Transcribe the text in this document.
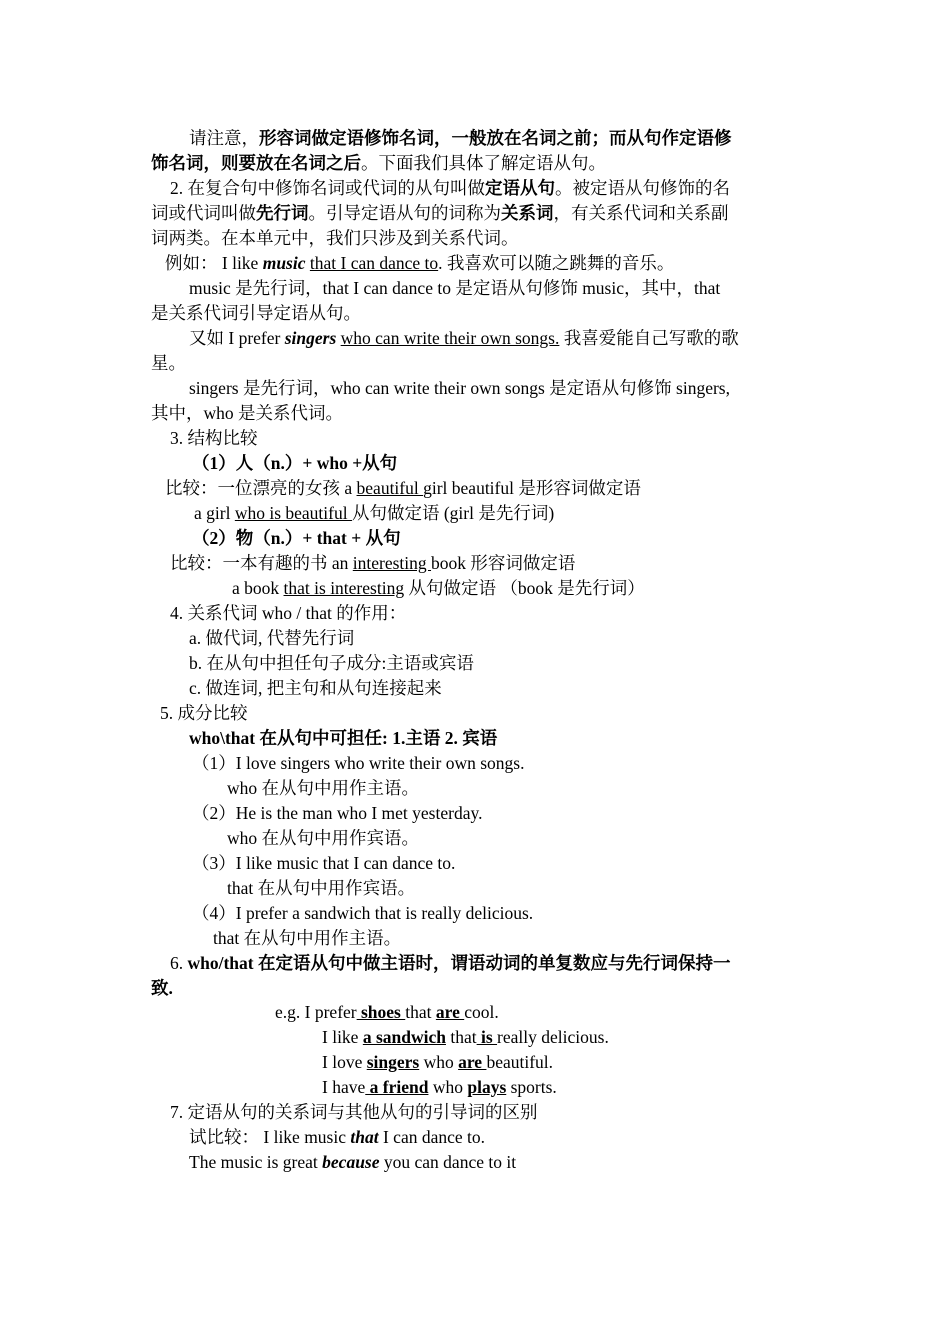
请注意，形容词做定语修饰名词，一般放在名词之前；而从句作定语修
饰名词，则要放在名词之后。下面我们具体了解定语从句。
2. 在复合句中修饰名词或代词的从句叫做定语从句。被定语从句修饰的名
词或代词叫做先行词。引导定语从句的词称为关系词，有关系代词和关系副
词两类。在本单元中，我们只涉及到关系代词。
例如： I like music that I can dance to. 我喜欢可以随之跳舞的音乐。
music 是先行词，that I can dance to 是定语从句修饰 music，其中，that
是关系代词引导定语从句。
又如 I prefer singers who can write their own songs. 我喜爱能自己写歌的歌
星。
singers 是先行词，who can write their own songs 是定语从句修饰 singers,
其中，who 是关系代词。
3. 结构比较
（1）人（n.）+ who +从句
比较：一位漂亮的女孩 a beautiful girl beautiful 是形容词做定语
a girl who is beautiful 从句做定语 (girl 是先行词)
（2）物（n.）+ that + 从句
比较：一本有趣的书 an interesting book 形容词做定语
a book that is interesting 从句做定语 （book 是先行词）
4. 关系代词 who / that 的作用：
a. 做代词, 代替先行词
b. 在从句中担任句子成分:主语或宾语
c. 做连词, 把主句和从句连接起来
5. 成分比较
who\that 在从句中可担任: 1.主语 2. 宾语
（1）I love singers who write their own songs.
who 在从句中用作主语。
（2）He is the man who I met yesterday.
who 在从句中用作宾语。
（3）I like music that I can dance to.
that 在从句中用作宾语。
（4）I prefer a sandwich that is really delicious.
that 在从句中用作主语。
6. who/that 在定语从句中做主语时，谓语动词的单复数应与先行词保持一
致.
e.g. I prefer shoes that are cool.
I like a sandwich that is really delicious.
I love singers who are beautiful.
I have a friend who plays sports.
7. 定语从句的关系词与其他从句的引导词的区别
试比较： I like music that I can dance to.
The music is great because you can dance to it
